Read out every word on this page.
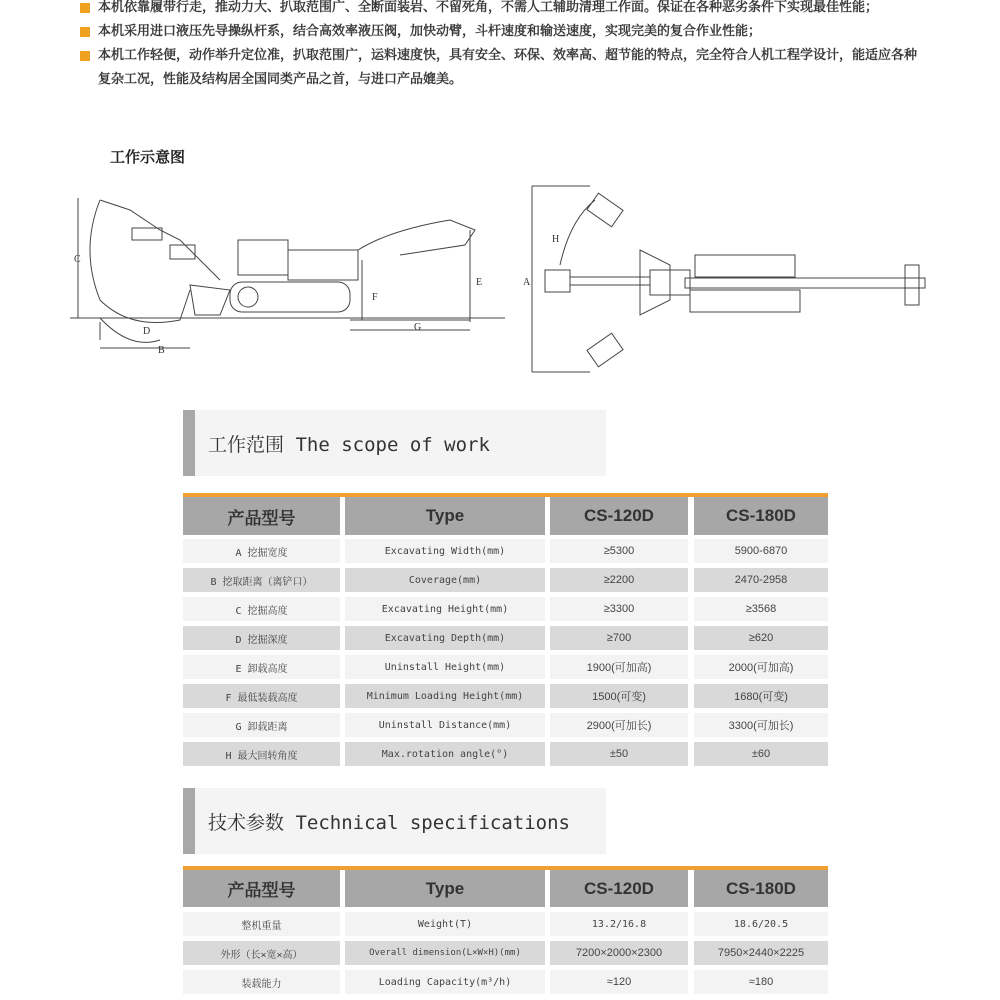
本机依靠履带行走，推动力大、扒取范围广、全断面装岩、不留死角，不需人工辅助清理工作面。保证在各种恶劣条件下实现最佳性能；
本机采用进口液压先导操纵杆系，结合高效率液压阀，加快动臂，斗杆速度和输送速度，实现完美的复合作业性能；
本机工作轻便，动作举升定位准，扒取范围广，运料速度快，具有安全、环保、效率高、超节能的特点，完全符合人机工程学设计，能适应各种复杂工况，性能及结构居全国同类产品之首，与进口产品媲美。
工作示意图
C
D
B
F
G
E
H
A
工作范围 The scope of work
产品型号	Type	CS-120D	CS-180D
A 挖掘宽度	Excavating Width(mm)	≥5300	5900-6870
B 挖取距离（离铲口）	Coverage(mm)	≥2200	2470-2958
C 挖掘高度	Excavating Height(mm)	≥3300	≥3568
D 挖掘深度	Excavating Depth(mm)	≥700	≥620
E 卸载高度	Uninstall Height(mm)	1900(可加高)	2000(可加高)
F 最低装载高度	Minimum Loading Height(mm)	1500(可变)	1680(可变)
G 卸载距离	Uninstall Distance(mm)	2900(可加长)	3300(可加长)
H 最大回转角度	Max.rotation angle(°)	±50	±60
技术参数 Technical specifications
产品型号	Type	CS-120D	CS-180D
整机重量	Weight(T)	13.2/16.8	18.6/20.5
外形（长×宽×高）	Overall dimension(L×W×H)(mm)	7200×2000×2300	7950×2440×2225
装载能力	Loading Capacity(m³/h)	≈120	≈180
